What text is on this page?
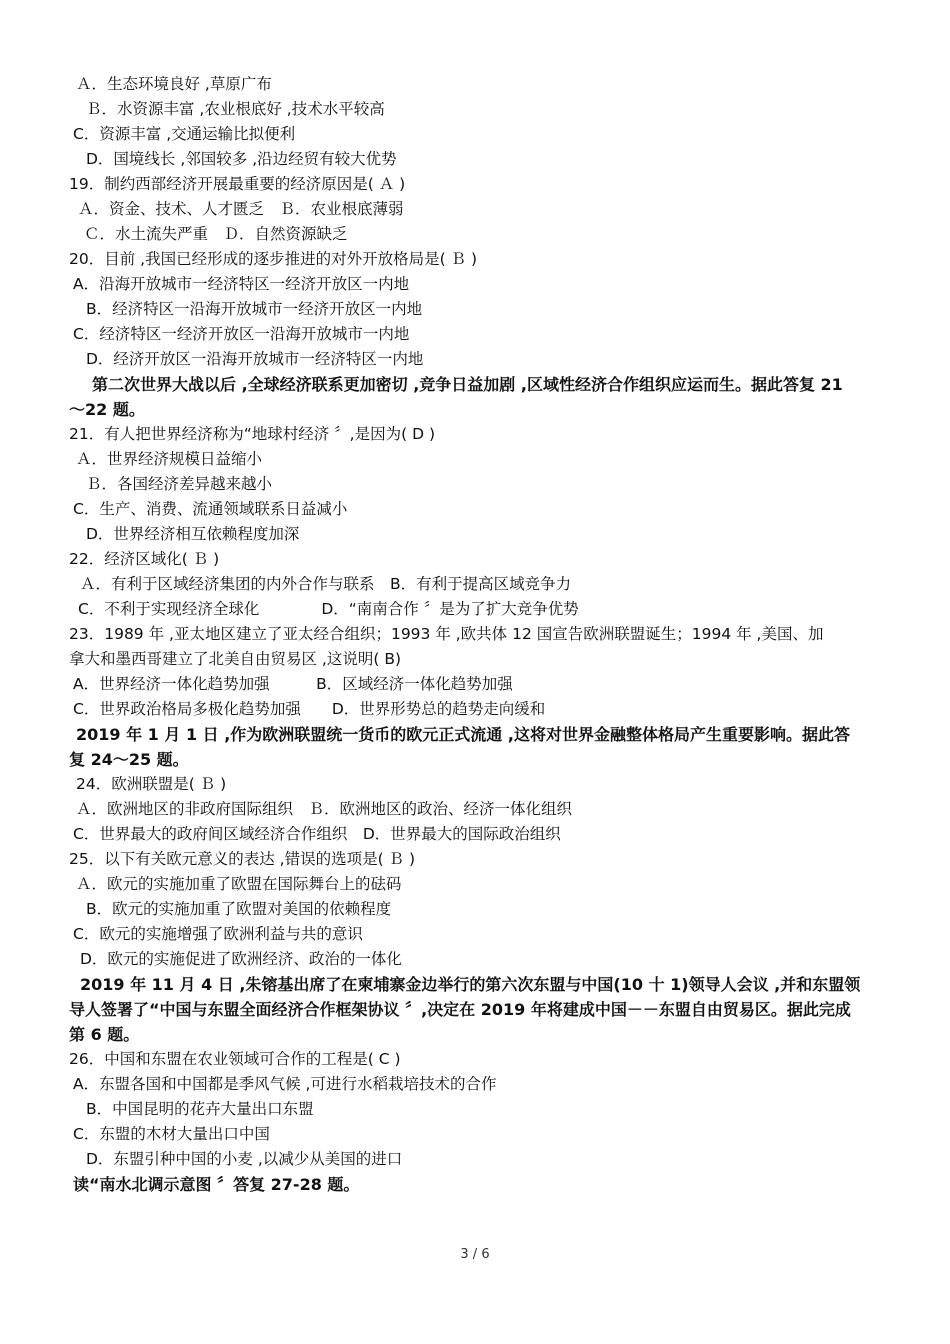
Ａ．生态环境良好 ,草原广布
Ｂ．水资源丰富 ,农业根底好 ,技术水平较高
C．资源丰富 ,交通运输比拟便利
D．国境线长 ,邻国较多 ,沿边经贸有较大优势
19．制约西部经济开展最重要的经济原因是( Ａ )
Ａ．资金、技术、人才匮乏　Ｂ．农业根底薄弱
Ｃ．水土流失严重　Ｄ．自然资源缺乏
20．目前 ,我国已经形成的逐步推进的对外开放格局是( Ｂ )
A．沿海开放城市一经济特区一经济开放区一内地
B．经济特区一沿海开放城市一经济开放区一内地
C．经济特区一经济开放区一沿海开放城市一内地
D．经济开放区一沿海开放城市一经济特区一内地
第二次世界大战以后 ,全球经济联系更加密切 ,竞争日益加剧 ,区域性经济合作组织应运而生。据此答复 21
～22 题。
21．有人把世界经济称为“地球村经济 〞,是因为( D )
Ａ．世界经济规模日益缩小
Ｂ．各国经济差异越来越小
C．生产、消费、流通领域联系日益减小
D．世界经济相互依赖程度加深
22．经济区域化( Ｂ )
Ａ．有利于区域经济集团的内外合作与联系　B．有利于提高区域竞争力
C．不利于实现经济全球化　　　　D．“南南合作 〞是为了扩大竞争优势
23．1989 年 ,亚太地区建立了亚太经合组织；1993 年 ,欧共体 12 国宣告欧洲联盟诞生；1994 年 ,美国、加
拿大和墨西哥建立了北美自由贸易区 ,这说明( B)
A．世界经济一体化趋势加强　　　B．区域经济一体化趋势加强
C．世界政治格局多极化趋势加强　　D．世界形势总的趋势走向缓和
2019 年 1 月 1 日 ,作为欧洲联盟统一货币的欧元正式流通 ,这将对世界金融整体格局产生重要影响。据此答
复 24～25 题。
24．欧洲联盟是( Ｂ )
Ａ．欧洲地区的非政府国际组织　Ｂ．欧洲地区的政治、经济一体化组织
C．世界最大的政府间区域经济合作组织　D．世界最大的国际政治组织
25．以下有关欧元意义的表达 ,错误的选项是( Ｂ )
Ａ．欧元的实施加重了欧盟在国际舞台上的砝码
B．欧元的实施加重了欧盟对美国的依赖程度
C．欧元的实施增强了欧洲利益与共的意识
D．欧元的实施促进了欧洲经济、政治的一体化
2019 年 11 月 4 日 ,朱镕基出席了在柬埔寨金边举行的第六次东盟与中国(10 十 1)领导人会议 ,并和东盟领
导人签署了“中国与东盟全面经济合作框架协议 〞,决定在 2019 年将建成中国－－东盟自由贸易区。据此完成
第 6 题。
26．中国和东盟在农业领域可合作的工程是( C )
A．东盟各国和中国都是季风气候 ,可进行水稻栽培技术的合作
B．中国昆明的花卉大量出口东盟
C．东盟的木材大量出口中国
D．东盟引种中国的小麦 ,以减少从美国的进口
读“南水北调示意图 〞答复 27-28 题。
3 / 6
